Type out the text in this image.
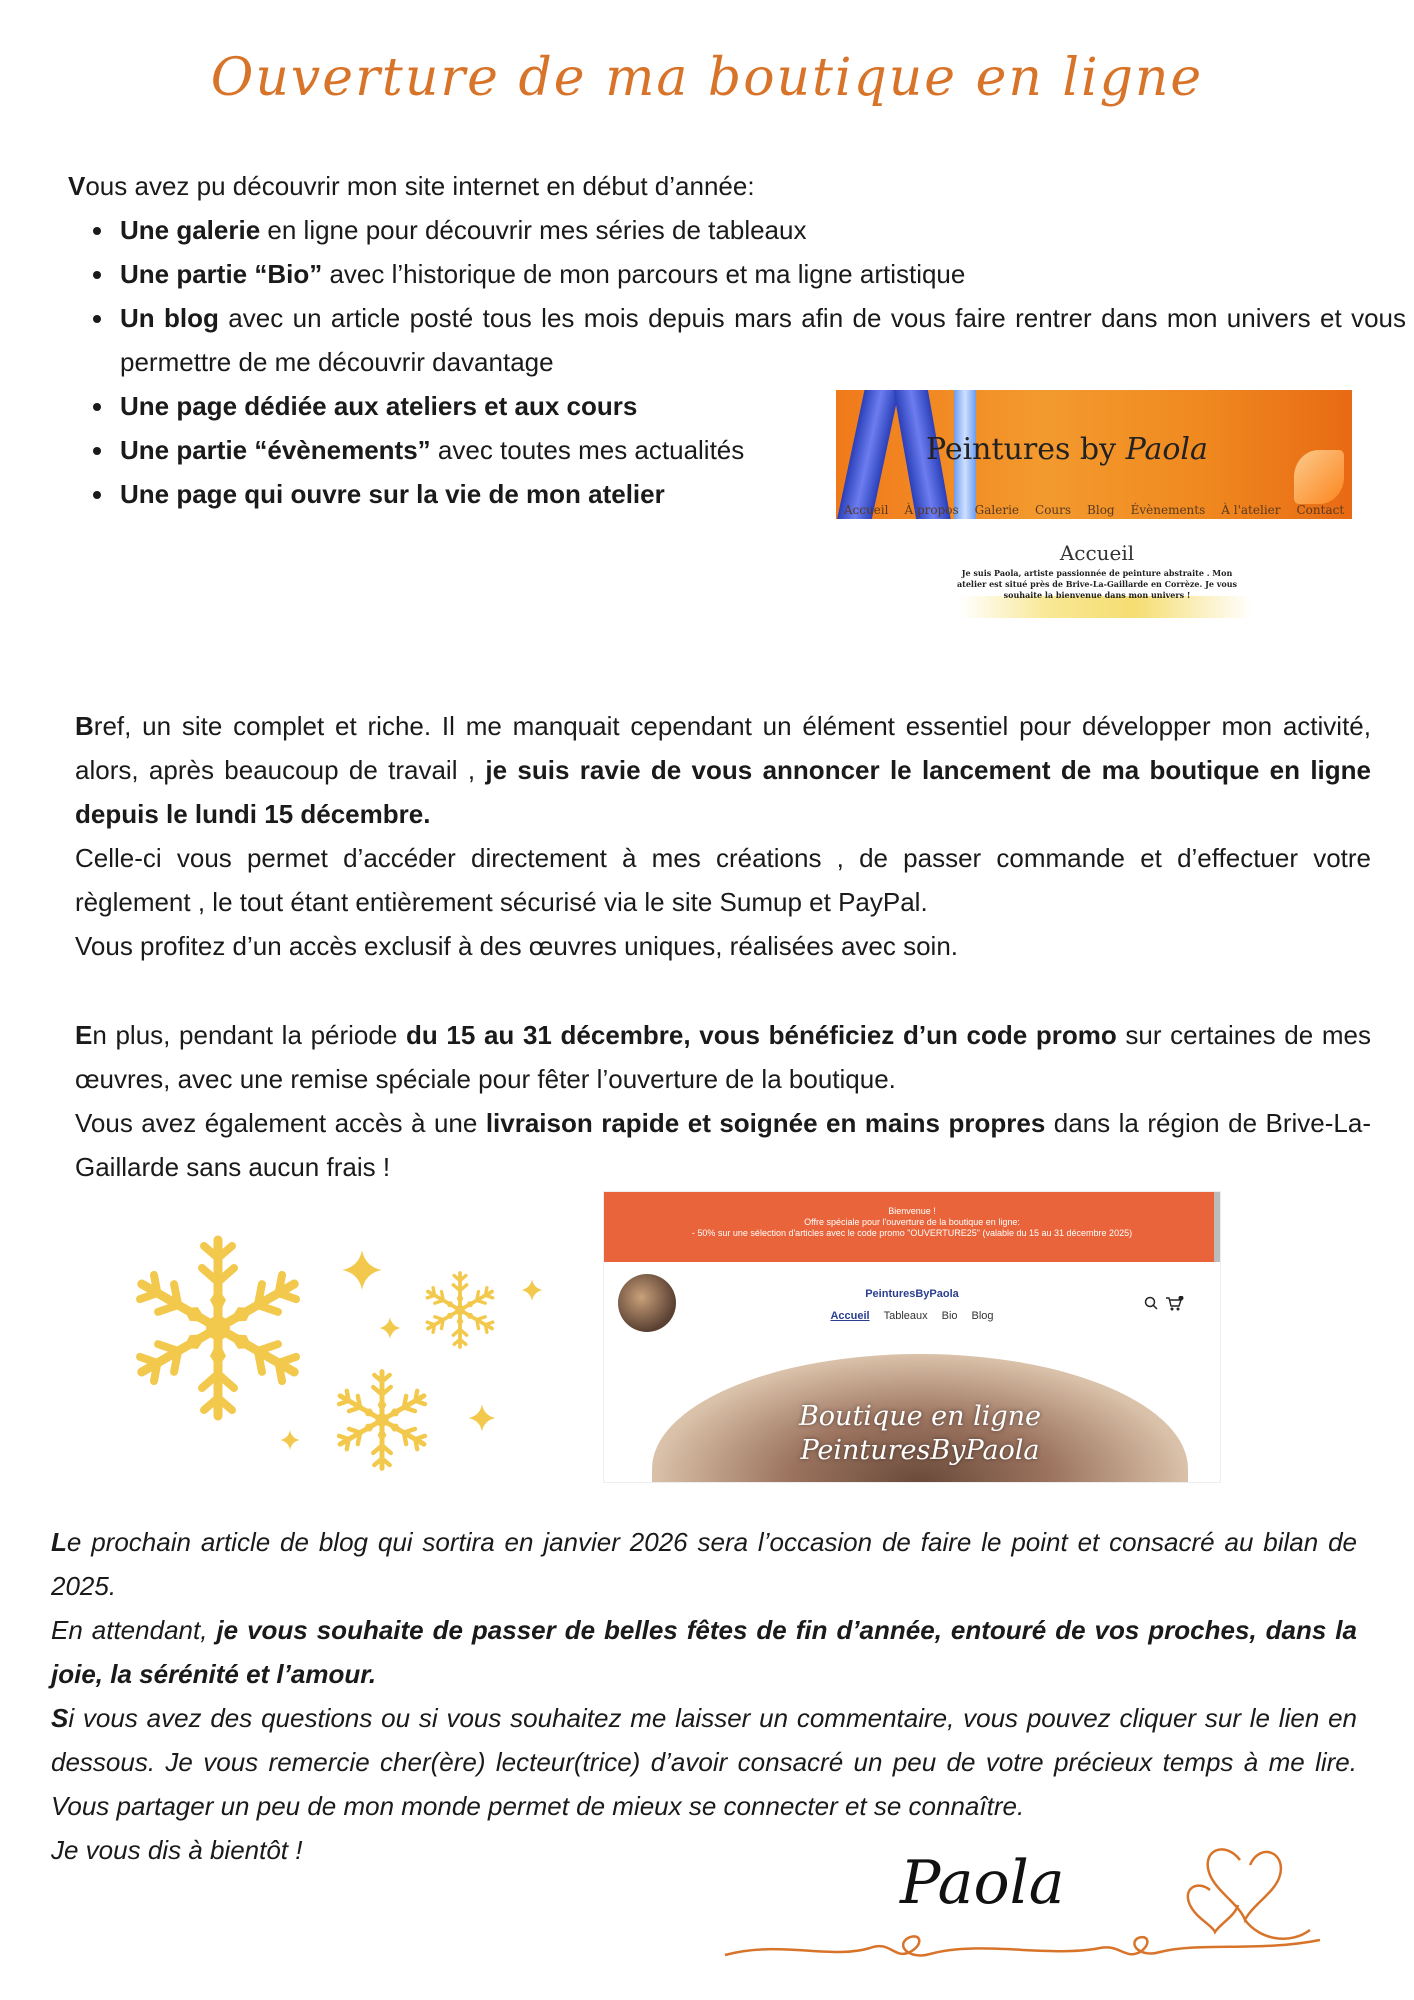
Ouverture de ma boutique en ligne
Vous avez pu découvrir mon site internet en début d’année:
• Une galerie en ligne pour découvrir mes séries de tableaux
• Une partie “Bio” avec l’historique de mon parcours et ma ligne artistique
• Un blog avec un article posté tous les mois depuis mars afin de vous faire rentrer dans mon univers et vous permettre de me découvrir davantage
• Une page dédiée aux ateliers et aux cours
• Une partie “évènements” avec toutes mes actualités
• Une page qui ouvre sur la vie de mon atelier
Peintures by Paola
Accueil À propos Galerie Cours Blog Évènements À l'atelier Contact
Accueil
Je suis Paola, artiste passionnée de peinture abstraite . Mon atelier est situé près de Brive-La-Gaillarde en Corrèze. Je vous souhaite la bienvenue dans mon univers !
Bref, un site complet et riche. Il me manquait cependant un élément essentiel pour développer mon activité, alors, après beaucoup de travail , je suis ravie de vous annoncer le lancement de ma boutique en ligne depuis le lundi 15 décembre.
Celle-ci vous permet d’accéder directement à mes créations , de passer commande et d’effectuer votre règlement , le tout étant entièrement sécurisé via le site Sumup et PayPal.
Vous profitez d’un accès exclusif à des œuvres uniques, réalisées avec soin.
En plus, pendant la période du 15 au 31 décembre, vous bénéficiez d’un code promo sur certaines de mes œuvres, avec une remise spéciale pour fêter l’ouverture de la boutique.
Vous avez également accès à une livraison rapide et soignée en mains propres dans la région de Brive-La-Gaillarde sans aucun frais !
Bienvenue !
Offre spéciale pour l'ouverture de la boutique en ligne:
- 50% sur une sélection d'articles avec le code promo "OUVERTURE25" (valable du 15 au 31 décembre 2025)
PeinturesByPaola
Accueil Tableaux Bio Blog
Boutique en ligne
PeinturesByPaola
Le prochain article de blog qui sortira en janvier 2026 sera l’occasion de faire le point et consacré au bilan de 2025.
En attendant, je vous souhaite de passer de belles fêtes de fin d’année, entouré de vos proches, dans la joie, la sérénité et l’amour.
Si vous avez des questions ou si vous souhaitez me laisser un commentaire, vous pouvez cliquer sur le lien en dessous. Je vous remercie cher(ère) lecteur(trice) d’avoir consacré un peu de votre précieux temps à me lire. Vous partager un peu de mon monde permet de mieux se connecter et se connaître.
Je vous dis à bientôt !	Paola
